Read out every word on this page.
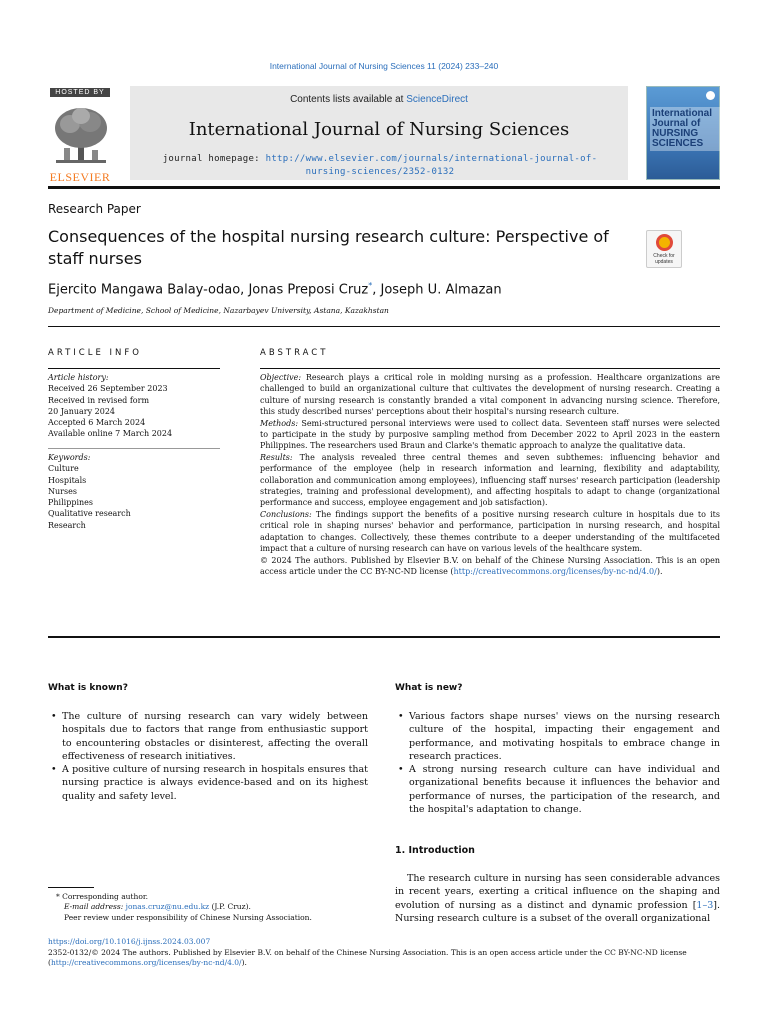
International Journal of Nursing Sciences 11 (2024) 233–240
HOSTED BY
ELSEVIER
Contents lists available at ScienceDirect
International Journal of Nursing Sciences
journal homepage: http://www.elsevier.com/journals/international-journal-of-nursing-sciences/2352-0132
International Journal of NURSING SCIENCES
Research Paper
Consequences of the hospital nursing research culture: Perspective of staff nurses	Check for updates
Ejercito Mangawa Balay-odao, Jonas Preposi Cruz*, Joseph U. Almazan
Department of Medicine, School of Medicine, Nazarbayev University, Astana, Kazakhstan
ARTICLE INFO	ABSTRACT
Article history:
Received 26 September 2023
Received in revised form
20 January 2024
Accepted 6 March 2024
Available online 7 March 2024
Keywords:
Culture
Hospitals
Nurses
Philippines
Qualitative research
Research

Objective: Research plays a critical role in molding nursing as a profession. Healthcare organizations are challenged to build an organizational culture that cultivates the development of nursing research. Creating a culture of nursing research is constantly branded a vital component in advancing nursing science. Therefore, this study described nurses' perceptions about their hospital's nursing research culture.

Methods: Semi-structured personal interviews were used to collect data. Seventeen staff nurses were selected to participate in the study by purposive sampling method from December 2022 to April 2023 in the eastern Philippines. The researchers used Braun and Clarke's thematic approach to analyze the qualitative data.

Results: The analysis revealed three central themes and seven subthemes: influencing behavior and performance of the employee (help in research information and learning, flexibility and adaptability, collaboration and communication among employees), influencing staff nurses' research participation (leadership strategies, training and professional development), and affecting hospitals to adapt to change (organizational performance and success, employee engagement and job satisfaction).

Conclusions: The findings support the benefits of a positive nursing research culture in hospitals due to its critical role in shaping nurses' behavior and performance, participation in nursing research, and hospital adaptation to changes. Collectively, these themes contribute to a deeper understanding of the multifaceted impact that a culture of nursing research can have on various levels of the healthcare system.

© 2024 The authors. Published by Elsevier B.V. on behalf of the Chinese Nursing Association. This is an open access article under the CC BY-NC-ND license (http://creativecommons.org/licenses/by-nc-nd/4.0/).

What is known?
• The culture of nursing research can vary widely between hospitals due to factors that range from enthusiastic support to encountering obstacles or disinterest, affecting the overall effectiveness of research initiatives.
• A positive culture of nursing research in hospitals ensures that nursing practice is always evidence-based and on its highest quality and safety level.
What is new?
• Various factors shape nurses' views on the nursing research culture of the hospital, impacting their engagement and performance, and motivating hospitals to embrace change in research practices.
• A strong nursing research culture can have individual and organizational benefits because it influences the behavior and performance of nurses, the participation of the research, and the hospital's adaptation to change.
1. Introduction
The research culture in nursing has seen considerable advances in recent years, exerting a critical influence on the shaping and evolution of nursing as a distinct and dynamic profession [1–3]. Nursing research culture is a subset of the overall organizational
* Corresponding author.
E-mail address: jonas.cruz@nu.edu.kz (J.P. Cruz).
Peer review under responsibility of Chinese Nursing Association.
https://doi.org/10.1016/j.ijnss.2024.03.007
2352-0132/© 2024 The authors. Published by Elsevier B.V. on behalf of the Chinese Nursing Association. This is an open access article under the CC BY-NC-ND license (http://creativecommons.org/licenses/by-nc-nd/4.0/).
